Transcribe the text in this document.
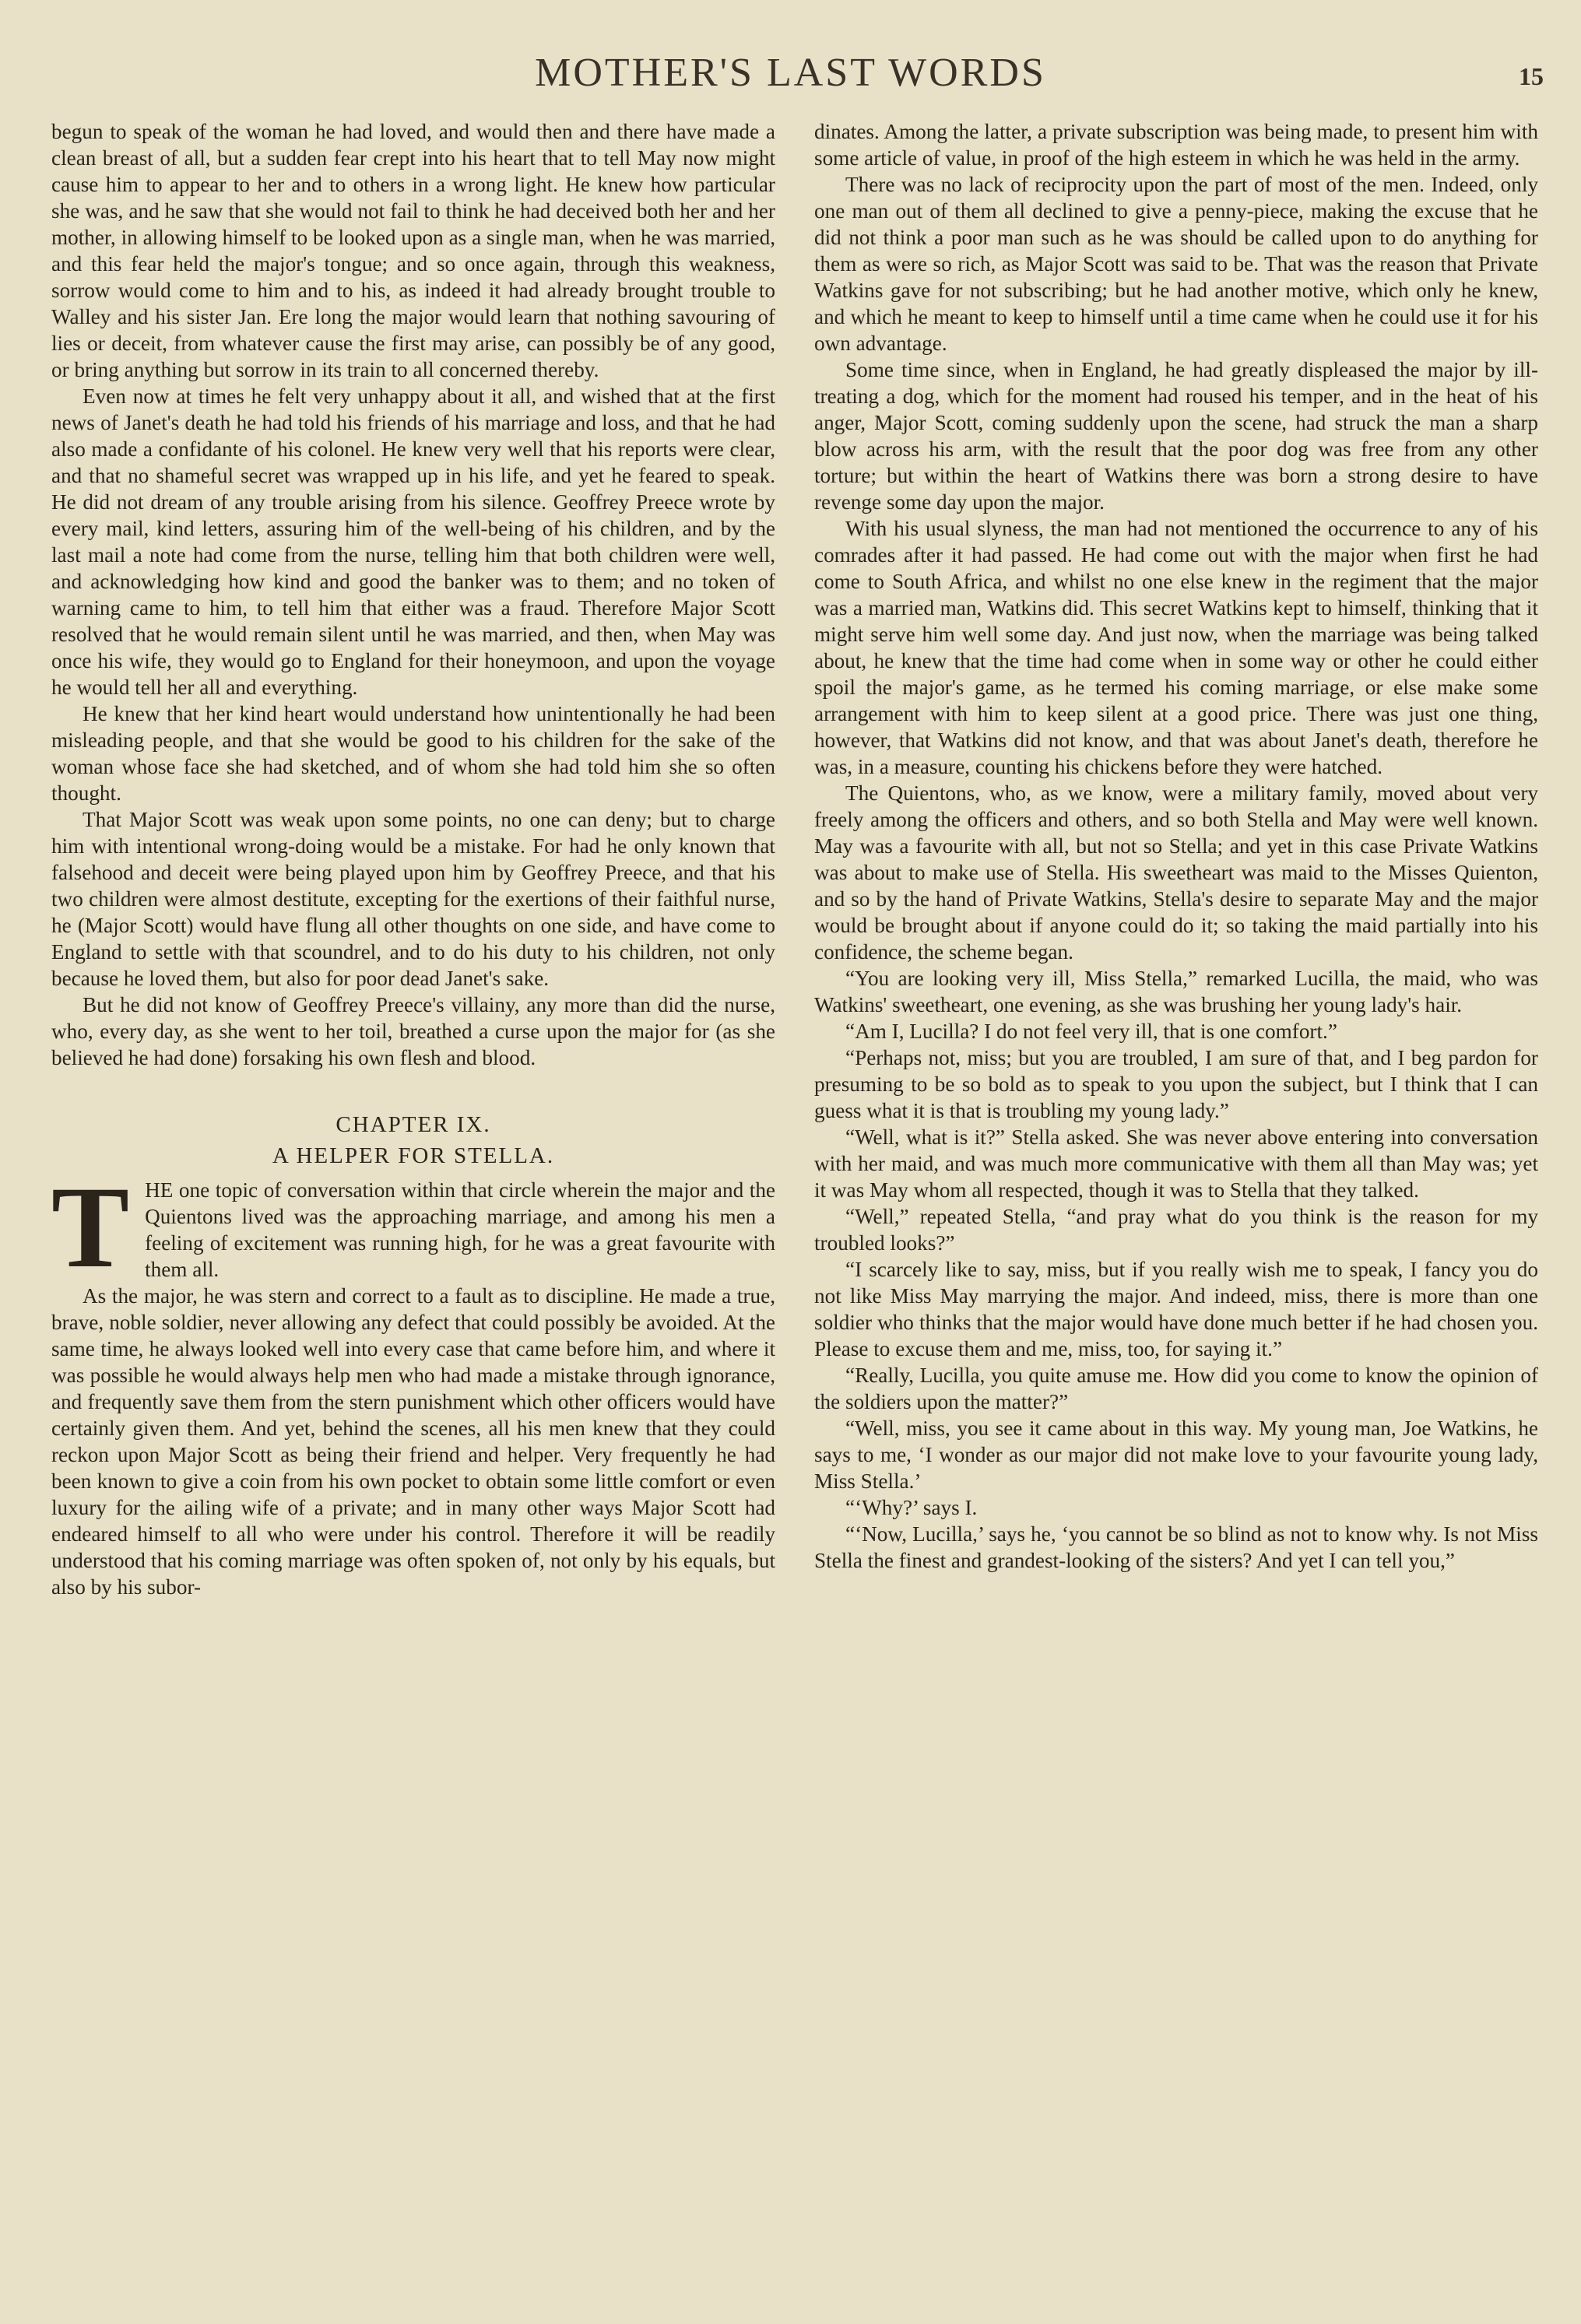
MOTHER'S LAST WORDS	15

begun to speak of the woman he had loved, and would then and there have made a clean breast of all, but a sudden fear crept into his heart that to tell May now might cause him to appear to her and to others in a wrong light. He knew how particular she was, and he saw that she would not fail to think he had deceived both her and her mother, in allowing himself to be looked upon as a single man, when he was married, and this fear held the major's tongue; and so once again, through this weakness, sorrow would come to him and to his, as indeed it had already brought trouble to Walley and his sister Jan. Ere long the major would learn that nothing savouring of lies or deceit, from whatever cause the first may arise, can possibly be of any good, or bring anything but sorrow in its train to all concerned thereby.

Even now at times he felt very unhappy about it all, and wished that at the first news of Janet's death he had told his friends of his marriage and loss, and that he had also made a confidante of his colonel. He knew very well that his reports were clear, and that no shameful secret was wrapped up in his life, and yet he feared to speak. He did not dream of any trouble arising from his silence. Geoffrey Preece wrote by every mail, kind letters, assuring him of the well-being of his children, and by the last mail a note had come from the nurse, telling him that both children were well, and acknowledging how kind and good the banker was to them; and no token of warning came to him, to tell him that either was a fraud. Therefore Major Scott resolved that he would remain silent until he was married, and then, when May was once his wife, they would go to England for their honeymoon, and upon the voyage he would tell her all and everything.

He knew that her kind heart would understand how unintentionally he had been misleading people, and that she would be good to his children for the sake of the woman whose face she had sketched, and of whom she had told him she so often thought.

That Major Scott was weak upon some points, no one can deny; but to charge him with intentional wrong-doing would be a mistake. For had he only known that falsehood and deceit were being played upon him by Geoffrey Preece, and that his two children were almost destitute, excepting for the exertions of their faithful nurse, he (Major Scott) would have flung all other thoughts on one side, and have come to England to settle with that scoundrel, and to do his duty to his children, not only because he loved them, but also for poor dead Janet's sake.

But he did not know of Geoffrey Preece's villainy, any more than did the nurse, who, every day, as she went to her toil, breathed a curse upon the major for (as she believed he had done) forsaking his own flesh and blood.

CHAPTER IX.
A HELPER FOR STELLA.

THE one topic of conversation within that circle wherein the major and the Quientons lived was the approaching marriage, and among his men a feeling of excitement was running high, for he was a great favourite with them all.

As the major, he was stern and correct to a fault as to discipline. He made a true, brave, noble soldier, never allowing any defect that could possibly be avoided. At the same time, he always looked well into every case that came before him, and where it was possible he would always help men who had made a mistake through ignorance, and frequently save them from the stern punishment which other officers would have certainly given them. And yet, behind the scenes, all his men knew that they could reckon upon Major Scott as being their friend and helper. Very frequently he had been known to give a coin from his own pocket to obtain some little comfort or even luxury for the ailing wife of a private; and in many other ways Major Scott had endeared himself to all who were under his control. Therefore it will be readily understood that his coming marriage was often spoken of, not only by his equals, but also by his subor-

dinates. Among the latter, a private subscription was being made, to present him with some article of value, in proof of the high esteem in which he was held in the army.

There was no lack of reciprocity upon the part of most of the men. Indeed, only one man out of them all declined to give a penny-piece, making the excuse that he did not think a poor man such as he was should be called upon to do anything for them as were so rich, as Major Scott was said to be. That was the reason that Private Watkins gave for not subscribing; but he had another motive, which only he knew, and which he meant to keep to himself until a time came when he could use it for his own advantage.

Some time since, when in England, he had greatly displeased the major by ill-treating a dog, which for the moment had roused his temper, and in the heat of his anger, Major Scott, coming suddenly upon the scene, had struck the man a sharp blow across his arm, with the result that the poor dog was free from any other torture; but within the heart of Watkins there was born a strong desire to have revenge some day upon the major.

With his usual slyness, the man had not mentioned the occurrence to any of his comrades after it had passed. He had come out with the major when first he had come to South Africa, and whilst no one else knew in the regiment that the major was a married man, Watkins did. This secret Watkins kept to himself, thinking that it might serve him well some day. And just now, when the marriage was being talked about, he knew that the time had come when in some way or other he could either spoil the major's game, as he termed his coming marriage, or else make some arrangement with him to keep silent at a good price. There was just one thing, however, that Watkins did not know, and that was about Janet's death, therefore he was, in a measure, counting his chickens before they were hatched.

The Quientons, who, as we know, were a military family, moved about very freely among the officers and others, and so both Stella and May were well known. May was a favourite with all, but not so Stella; and yet in this case Private Watkins was about to make use of Stella. His sweetheart was maid to the Misses Quienton, and so by the hand of Private Watkins, Stella's desire to separate May and the major would be brought about if anyone could do it; so taking the maid partially into his confidence, the scheme began.

“You are looking very ill, Miss Stella,” remarked Lucilla, the maid, who was Watkins' sweetheart, one evening, as she was brushing her young lady's hair.

“Am I, Lucilla? I do not feel very ill, that is one comfort.”

“Perhaps not, miss; but you are troubled, I am sure of that, and I beg pardon for presuming to be so bold as to speak to you upon the subject, but I think that I can guess what it is that is troubling my young lady.”

“Well, what is it?” Stella asked. She was never above entering into conversation with her maid, and was much more communicative with them all than May was; yet it was May whom all respected, though it was to Stella that they talked.

“Well,” repeated Stella, “and pray what do you think is the reason for my troubled looks?”

“I scarcely like to say, miss, but if you really wish me to speak, I fancy you do not like Miss May marrying the major. And indeed, miss, there is more than one soldier who thinks that the major would have done much better if he had chosen you. Please to excuse them and me, miss, too, for saying it.”

“Really, Lucilla, you quite amuse me. How did you come to know the opinion of the soldiers upon the matter?”

“Well, miss, you see it came about in this way. My young man, Joe Watkins, he says to me, ‘I wonder as our major did not make love to your favourite young lady, Miss Stella.’

“‘Why?’ says I.

“‘Now, Lucilla,’ says he, ‘you cannot be so blind as not to know why. Is not Miss Stella the finest and grandest-looking of the sisters? And yet I can tell you,”
